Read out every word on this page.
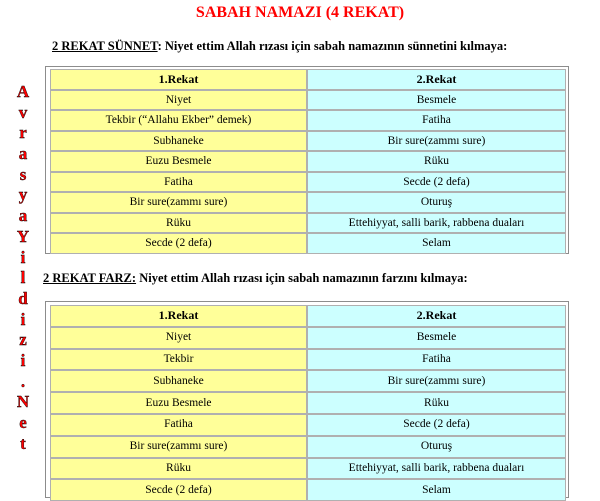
SABAH NAMAZI (4 REKAT)
A
v
r
a
s
y
a
Y
i
l
d
i
z
i
.
N
e
t
2 REKAT SÜNNET: Niyet ettim Allah rızası için sabah namazının sünnetini kılmaya:
1.Rekat	2.Rekat
Niyet	Besmele
Tekbir (“Allahu Ekber” demek)	Fatiha
Subhaneke	Bir sure(zammı sure)
Euzu Besmele	Rüku
Fatiha	Secde (2 defa)
Bir sure(zammı sure)	Oturuş
Rüku	Ettehiyyat, salli barik, rabbena duaları
Secde (2 defa)	Selam
2 REKAT FARZ: Niyet ettim Allah rızası için sabah namazının farzını kılmaya:
1.Rekat	2.Rekat
Niyet	Besmele
Tekbir	Fatiha
Subhaneke	Bir sure(zammı sure)
Euzu Besmele	Rüku
Fatiha	Secde (2 defa)
Bir sure(zammı sure)	Oturuş
Rüku	Ettehiyyat, salli barik, rabbena duaları
Secde (2 defa)	Selam
